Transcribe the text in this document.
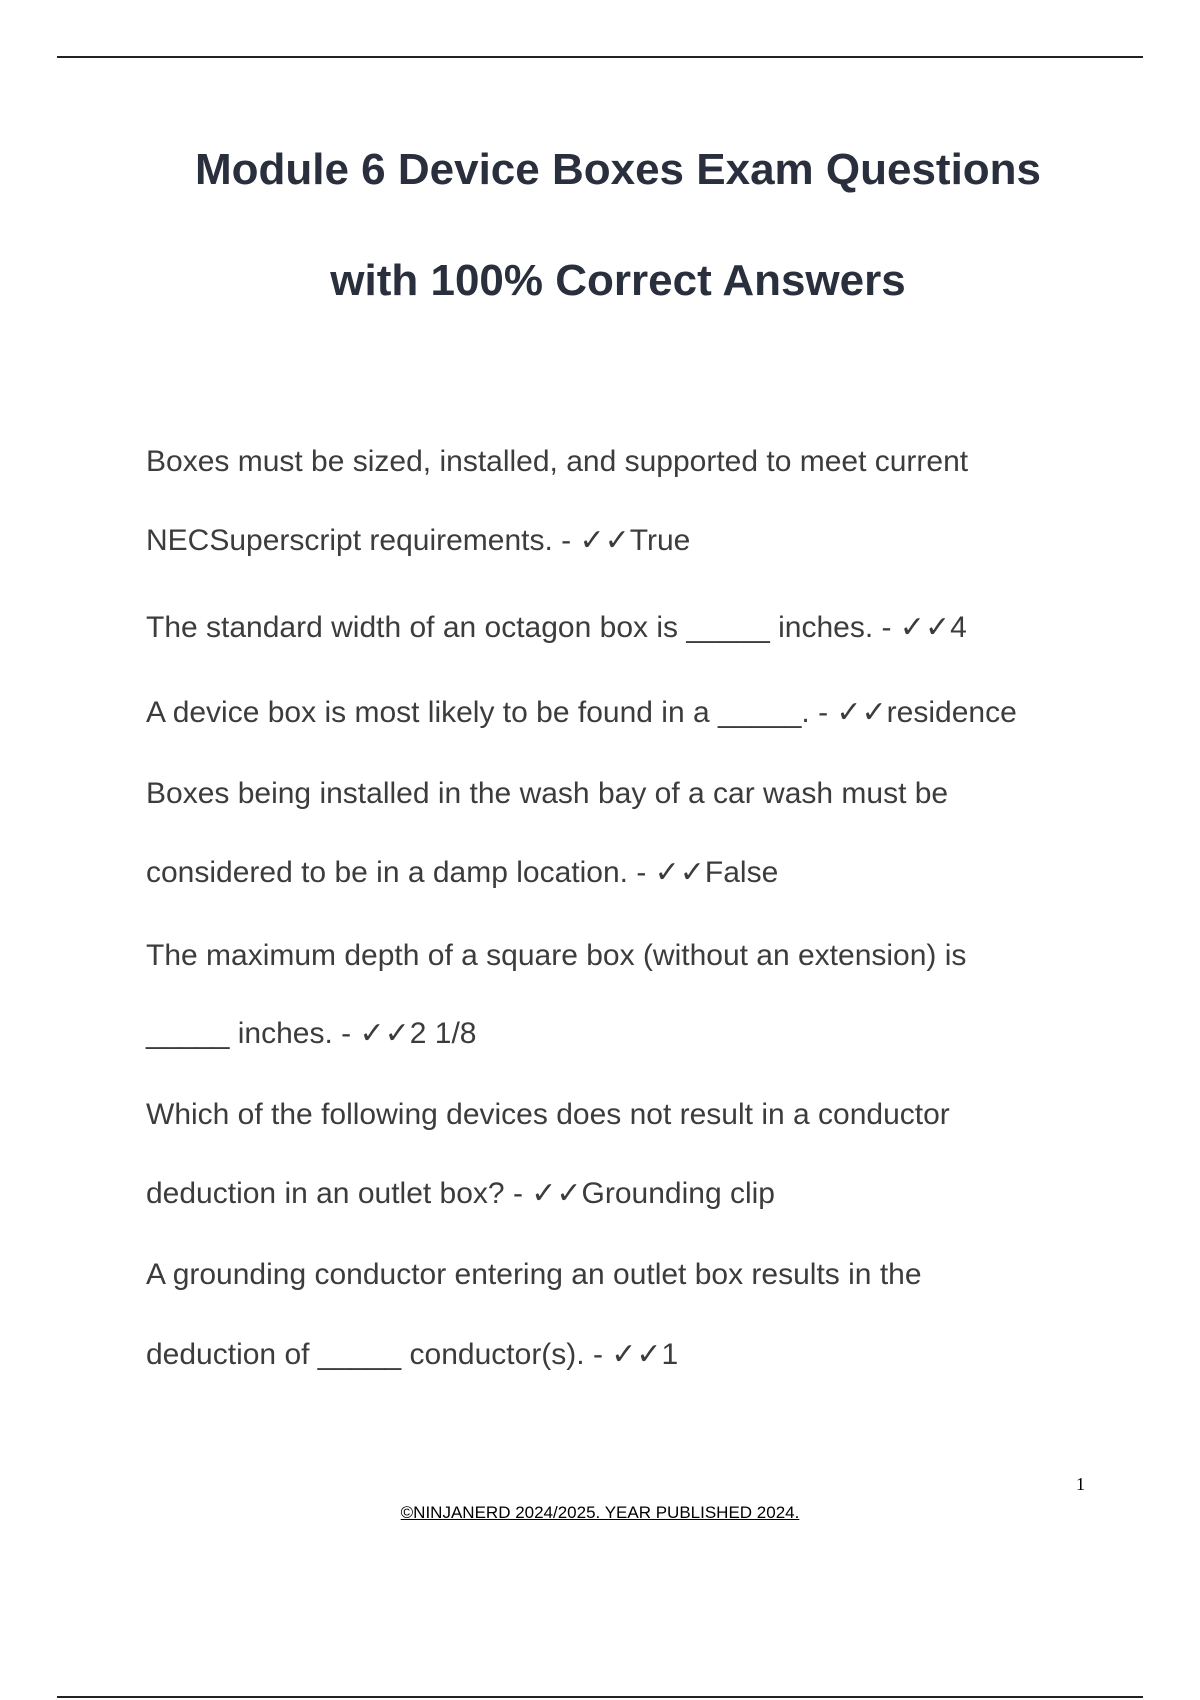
Module 6 Device Boxes Exam Questions
with 100% Correct Answers

Boxes must be sized, installed, and supported to meet current

NECSuperscript requirements. - ✓✓True

The standard width of an octagon box is _____ inches. - ✓✓4

A device box is most likely to be found in a _____. - ✓✓residence

Boxes being installed in the wash bay of a car wash must be

considered to be in a damp location. - ✓✓False

The maximum depth of a square box (without an extension) is

_____ inches. - ✓✓2 1/8

Which of the following devices does not result in a conductor

deduction in an outlet box? - ✓✓Grounding clip

A grounding conductor entering an outlet box results in the

deduction of _____ conductor(s). - ✓✓1

1
©NINJANERD 2024/2025. YEAR PUBLISHED 2024.
